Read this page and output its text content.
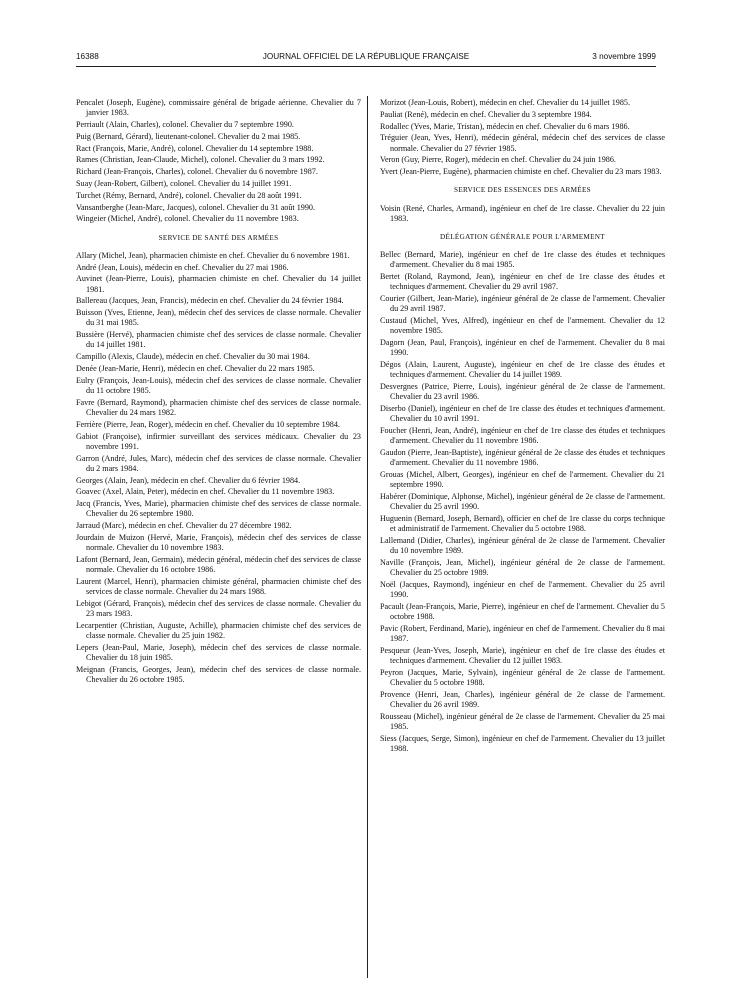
16388	JOURNAL OFFICIEL DE LA RÉPUBLIQUE FRANÇAISE	3 novembre 1999
Pencalet (Joseph, Eugène), commissaire général de brigade aérienne. Chevalier du 7 janvier 1983.
Perriault (Alain, Charles), colonel. Chevalier du 7 septembre 1990.
Puig (Bernard, Gérard), lieutenant-colonel. Chevalier du 2 mai 1985.
Ract (François, Marie, André), colonel. Chevalier du 14 septembre 1988.
Rames (Christian, Jean-Claude, Michel), colonel. Chevalier du 3 mars 1992.
Richard (Jean-François, Charles), colonel. Chevalier du 6 novembre 1987.
Suay (Jean-Robert, Gilbert), colonel. Chevalier du 14 juillet 1991.
Turchet (Rémy, Bernard, André), colonel. Chevalier du 28 août 1991.
Vansantberghe (Jean-Marc, Jacques), colonel. Chevalier du 31 août 1990.
Wingeier (Michel, André), colonel. Chevalier du 11 novembre 1983.
SERVICE DE SANTÉ DES ARMÉES
Allary (Michel, Jean), pharmacien chimiste en chef. Chevalier du 6 novembre 1981.
André (Jean, Louis), médecin en chef. Chevalier du 27 mai 1986.
Auvinet (Jean-Pierre, Louis), pharmacien chimiste en chef. Chevalier du 14 juillet 1981.
Ballereau (Jacques, Jean, Francis), médecin en chef. Chevalier du 24 février 1984.
Buisson (Yves, Etienne, Jean), médecin chef des services de classe normale. Chevalier du 31 mai 1985.
Bussière (Hervé), pharmacien chimiste chef des services de classe normale. Chevalier du 14 juillet 1981.
Campillo (Alexis, Claude), médecin en chef. Chevalier du 30 mai 1984.
Denée (Jean-Marie, Henri), médecin en chef. Chevalier du 22 mars 1985.
Eulry (François, Jean-Louis), médecin chef des services de classe normale. Chevalier du 11 octobre 1985.
Favre (Bernard, Raymond), pharmacien chimiste chef des services de classe normale. Chevalier du 24 mars 1982.
Ferrière (Pierre, Jean, Roger), médecin en chef. Chevalier du 10 septembre 1984.
Gabiot (Françoise), infirmier surveillant des services médicaux. Chevalier du 23 novembre 1991.
Garron (André, Jules, Marc), médecin chef des services de classe normale. Chevalier du 2 mars 1984.
Georges (Alain, Jean), médecin en chef. Chevalier du 6 février 1984.
Goavec (Axel, Alain, Peter), médecin en chef. Chevalier du 11 novembre 1983.
Jacq (Francis, Yves, Marie), pharmacien chimiste chef des services de classe normale. Chevalier du 26 septembre 1980.
Jarraud (Marc), médecin en chef. Chevalier du 27 décembre 1982.
Jourdain de Muizon (Hervé, Marie, François), médecin chef des services de classe normale. Chevalier du 10 novembre 1983.
Lafont (Bernard, Jean, Germain), médecin général, médecin chef des services de classe normale. Chevalier du 16 octobre 1986.
Laurent (Marcel, Henri), pharmacien chimiste général, pharmacien chimiste chef des services de classe normale. Chevalier du 24 mars 1988.
Lebigot (Gérard, François), médecin chef des services de classe normale. Chevalier du 23 mars 1983.
Lecarpentier (Christian, Auguste, Achille), pharmacien chimiste chef des services de classe normale. Chevalier du 25 juin 1982.
Lepers (Jean-Paul, Marie, Joseph), médecin chef des services de classe normale. Chevalier du 18 juin 1985.
Meignan (Francis, Georges, Jean), médecin chef des services de classe normale. Chevalier du 26 octobre 1985.
Morizot (Jean-Louis, Robert), médecin en chef. Chevalier du 14 juillet 1985.
Pauliat (René), médecin en chef. Chevalier du 3 septembre 1984.
Rodallec (Yves, Marie, Tristan), médecin en chef. Chevalier du 6 mars 1986.
Tréguier (Jean, Yves, Henri), médecin général, médecin chef des services de classe normale. Chevalier du 27 février 1985.
Veron (Guy, Pierre, Roger), médecin en chef. Chevalier du 24 juin 1986.
Yvert (Jean-Pierre, Eugène), pharmacien chimiste en chef. Chevalier du 23 mars 1983.
SERVICE DES ESSENCES DES ARMÉES
Voisin (René, Charles, Armand), ingénieur en chef de 1re classe. Chevalier du 22 juin 1983.
DÉLÉGATION GÉNÉRALE POUR L'ARMEMENT
Bellec (Bernard, Marie), ingénieur en chef de 1re classe des études et techniques d'armement. Chevalier du 8 mai 1985.
Bertet (Roland, Raymond, Jean), ingénieur en chef de 1re classe des études et techniques d'armement. Chevalier du 29 avril 1987.
Courier (Gilbert, Jean-Marie), ingénieur général de 2e classe de l'armement. Chevalier du 29 avril 1987.
Custaud (Michel, Yves, Alfred), ingénieur en chef de l'armement. Chevalier du 12 novembre 1985.
Dagorn (Jean, Paul, François), ingénieur en chef de l'armement. Chevalier du 8 mai 1990.
Dégos (Alain, Laurent, Auguste), ingénieur en chef de 1re classe des études et techniques d'armement. Chevalier du 14 juillet 1989.
Desvergnes (Patrice, Pierre, Louis), ingénieur général de 2e classe de l'armement. Chevalier du 23 avril 1986.
Diserbo (Daniel), ingénieur en chef de 1re classe des études et techniques d'armement. Chevalier du 10 avril 1991.
Foucher (Henri, Jean, André), ingénieur en chef de 1re classe des études et techniques d'armement. Chevalier du 11 novembre 1986.
Gaudon (Pierre, Jean-Baptiste), ingénieur général de 2e classe des études et techniques d'armement. Chevalier du 11 novembre 1986.
Grouas (Michel, Albert, Georges), ingénieur en chef de l'armement. Chevalier du 21 septembre 1990.
Habérer (Dominique, Alphonse, Michel), ingénieur général de 2e classe de l'armement. Chevalier du 25 avril 1990.
Huguenin (Bernard, Joseph, Bernard), officier en chef de 1re classe du corps technique et administratif de l'armement. Chevalier du 5 octobre 1988.
Lallemand (Didier, Charles), ingénieur général de 2e classe de l'armement. Chevalier du 10 novembre 1989.
Naville (François, Jean, Michel), ingénieur général de 2e classe de l'armement. Chevalier du 25 octobre 1989.
Noël (Jacques, Raymond), ingénieur en chef de l'armement. Chevalier du 25 avril 1990.
Pacault (Jean-François, Marie, Pierre), ingénieur en chef de l'armement. Chevalier du 5 octobre 1988.
Pavic (Robert, Ferdinand, Marie), ingénieur en chef de l'armement. Chevalier du 8 mai 1987.
Pesqueur (Jean-Yves, Joseph, Marie), ingénieur en chef de 1re classe des études et techniques d'armement. Chevalier du 12 juillet 1983.
Peyron (Jacques, Marie, Sylvain), ingénieur général de 2e classe de l'armement. Chevalier du 5 octobre 1988.
Provence (Henri, Jean, Charles), ingénieur général de 2e classe de l'armement. Chevalier du 26 avril 1989.
Rousseau (Michel), ingénieur général de 2e classe de l'armement. Chevalier du 25 mai 1985.
Siess (Jacques, Serge, Simon), ingénieur en chef de l'armement. Chevalier du 13 juillet 1988.
